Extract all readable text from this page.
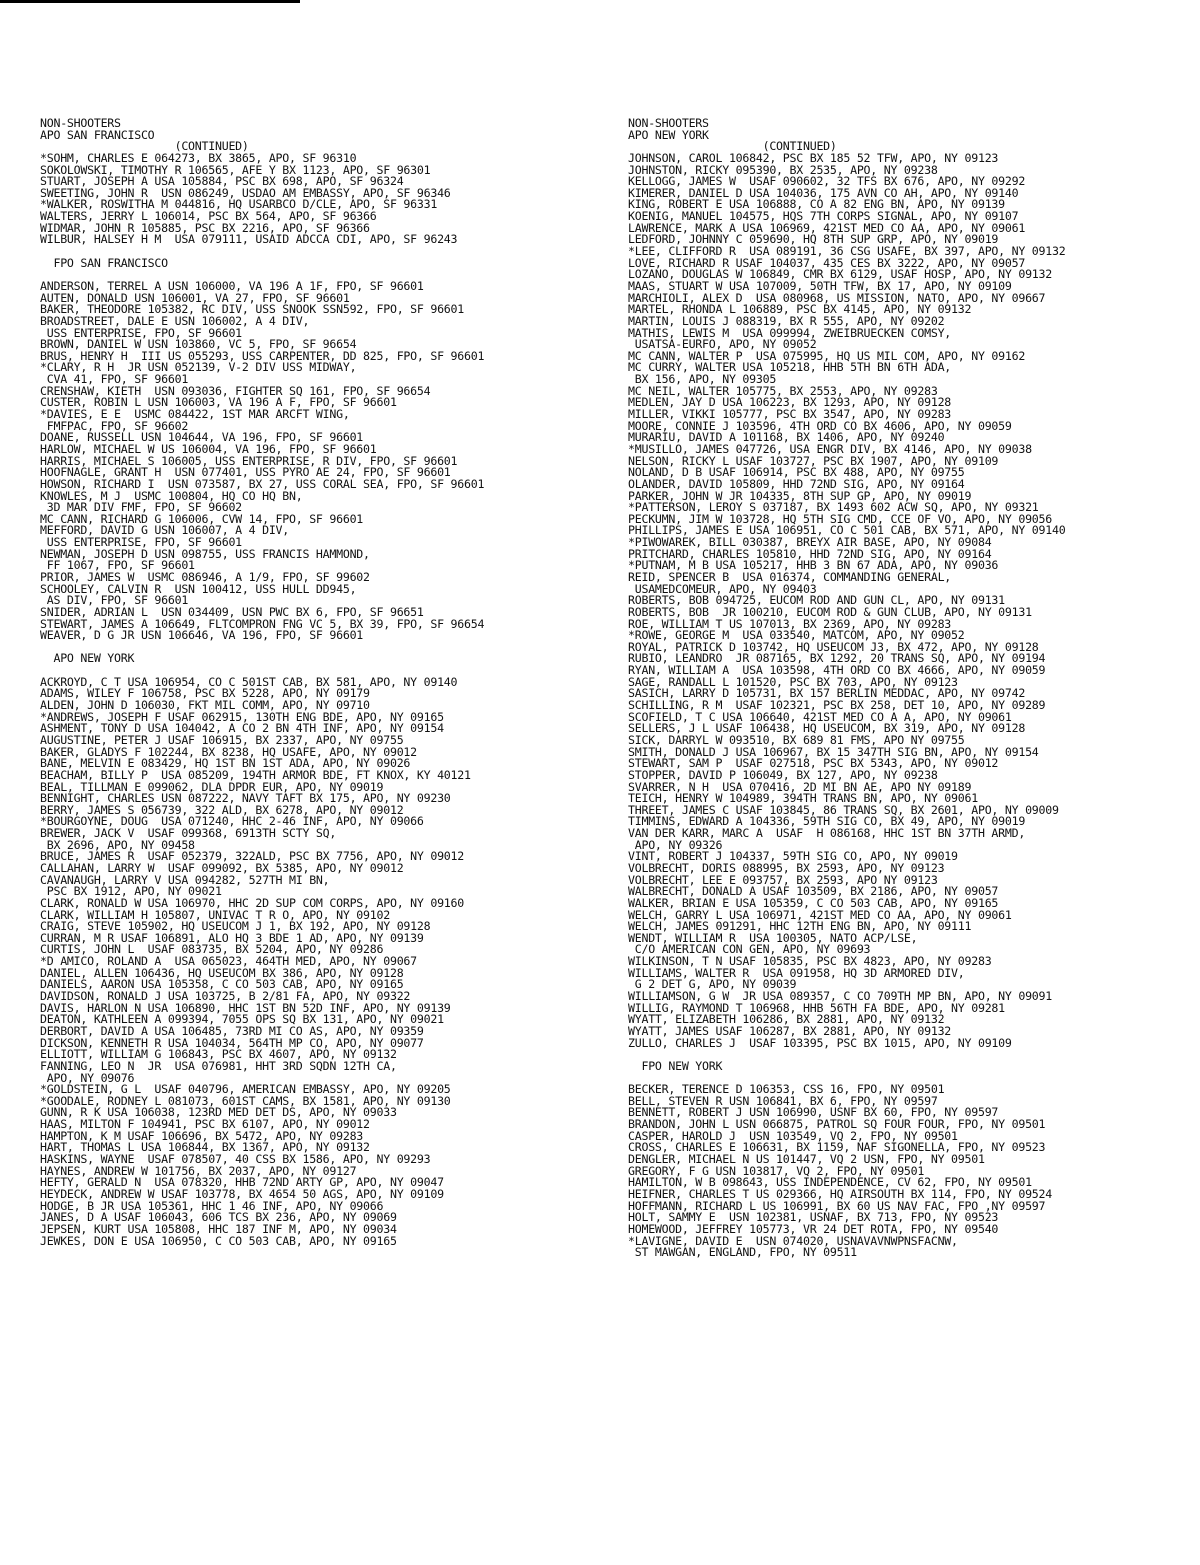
NON-SHOOTERS
APO SAN FRANCISCO
(CONTINUED)
*SOHM, CHARLES E 064273, BX 3865, APO, SF 96310
SOKOLOWSKI, TIMOTHY R 106565, AFE Y BX 1123, APO, SF 96301
STUART, JOSEPH A USA 105884, PSC BX 698, APO, SF 96324
SWEETING, JOHN R  USN 086249, USDAO AM EMBASSY, APO, SF 96346
*WALKER, ROSWITHA M 044816, HQ USARBCO D/CLE, APO, SF 96331
WALTERS, JERRY L 106014, PSC BX 564, APO, SF 96366
WIDMAR, JOHN R 105885, PSC BX 2216, APO, SF 96366
WILBUR, HALSEY H M  USA 079111, USAID ADCCA CDI, APO, SF 96243
FPO SAN FRANCISCO
ANDERSON, TERREL A USN 106000, VA 196 A 1F, FPO, SF 96601
AUTEN, DONALD USN 106001, VA 27, FPO, SF 96601
BAKER, THEODORE 105382, RC DIV, USS SNOOK SSN592, FPO, SF 96601
BROADSTREET, DALE E USN 106002, A 4 DIV,
USS ENTERPRISE, FPO, SF 96601
BROWN, DANIEL W USN 103860, VC 5, FPO, SF 96654
BRUS, HENRY H  III US 055293, USS CARPENTER, DD 825, FPO, SF 96601
*CLARY, R H  JR USN 052139, V-2 DIV USS MIDWAY,
CVA 41, FPO, SF 96601
CRENSHAW, KIETH  USN 093036, FIGHTER SQ 161, FPO, SF 96654
CUSTER, ROBIN L USN 106003, VA 196 A F, FPO, SF 96601
*DAVIES, E E  USMC 084422, 1ST MAR ARCFT WING,
FMFPAC, FPO, SF 96602
DOANE, RUSSELL USN 104644, VA 196, FPO, SF 96601
HARLOW, MICHAEL W US 106004, VA 196, FPO, SF 96601
HARRIS, MICHAEL S 106005, USS ENTERPRISE, R DIV, FPO, SF 96601
HOOFNAGLE, GRANT H  USN 077401, USS PYRO AE 24, FPO, SF 96601
HOWSON, RICHARD I  USN 073587, BX 27, USS CORAL SEA, FPO, SF 96601
KNOWLES, M J  USMC 100804, HQ CO HQ BN,
3D MAR DIV FMF, FPO, SF 96602
MC CANN, RICHARD G 106006, CVW 14, FPO, SF 96601
MEFFORD, DAVID G USN 106007, A 4 DIV,
USS ENTERPRISE, FPO, SF 96601
NEWMAN, JOSEPH D USN 098755, USS FRANCIS HAMMOND,
FF 1067, FPO, SF 96601
PRIOR, JAMES W  USMC 086946, A 1/9, FPO, SF 99602
SCHOOLEY, CALVIN R  USN 100412, USS HULL DD945,
AS DIV, FPO, SF 96601
SNIDER, ADRIAN L  USN 034409, USN PWC BX 6, FPO, SF 96651
STEWART, JAMES A 106649, FLTCOMPRON FNG VC 5, BX 39, FPO, SF 96654
WEAVER, D G JR USN 106646, VA 196, FPO, SF 96601
APO NEW YORK
ACKROYD, C T USA 106954, CO C 501ST CAB, BX 581, APO, NY 09140
ADAMS, WILEY F 106758, PSC BX 5228, APO, NY 09179
ALDEN, JOHN D 106030, FKT MIL COMM, APO, NY 09710
*ANDREWS, JOSEPH F USAF 062915, 130TH ENG BDE, APO, NY 09165
ASHMENT, TONY D USA 104042, A CO 2 BN 4TH INF, APO, NY 09154
AUGUSTINE, PETER J USAF 106915, BX 2337, APO, NY 09755
BAKER, GLADYS F 102244, BX 8238, HQ USAFE, APO, NY 09012
BANE, MELVIN E 083429, HQ 1ST BN 1ST ADA, APO, NY 09026
BEACHAM, BILLY P  USA 085209, 194TH ARMOR BDE, FT KNOX, KY 40121
BEAL, TILLMAN E 099062, DLA DPDR EUR, APO, NY 09019
BENNIGHT, CHARLES USN 087222, NAVY TAFT BX 175, APO, NY 09230
BERRY, JAMES S 056739, 322 ALD, BX 6278, APO, NY 09012
*BOURGOYNE, DOUG  USA 071240, HHC 2-46 INF, APO, NY 09066
BREWER, JACK V  USAF 099368, 6913TH SCTY SQ,
BX 2696, APO, NY 09458
BRUCE, JAMES R  USAF 052379, 322ALD, PSC BX 7756, APO, NY 09012
CALLAHAN, LARRY W  USAF 099092, BX 5385, APO, NY 09012
CAVANAUGH, LARRY V USA 094282, 527TH MI BN,
PSC BX 1912, APO, NY 09021
CLARK, RONALD W USA 106970, HHC 2D SUP COM CORPS, APO, NY 09160
CLARK, WILLIAM H 105807, UNIVAC T R O, APO, NY 09102
CRAIG, STEVE 105902, HQ USEUCOM J 1, BX 192, APO, NY 09128
CURRAN, M R USAF 106891, ALO HQ 3 BDE 1 AD, APO, NY 09139
CURTIS, JOHN L  USAF 083735, BX 5204, APO, NY 09286
*D AMICO, ROLAND A  USA 065023, 464TH MED, APO, NY 09067
DANIEL, ALLEN 106436, HQ USEUCOM BX 386, APO, NY 09128
DANIELS, AARON USA 105358, C CO 503 CAB, APO, NY 09165
DAVIDSON, RONALD J USA 103725, B 2/81 FA, APO, NY 09322
DAVIS, HARLON N USA 106890, HHC 1ST BN 52D INF, APO, NY 09139
DEATON, KATHLEEN A 099394, 7055 OPS SQ BX 131, APO, NY 09021
DERBORT, DAVID A USA 106485, 73RD MI CO AS, APO, NY 09359
DICKSON, KENNETH R USA 104034, 564TH MP CO, APO, NY 09077
ELLIOTT, WILLIAM G 106843, PSC BX 4607, APO, NY 09132
FANNING, LEO N  JR  USA 076981, HHT 3RD SQDN 12TH CA,
APO, NY 09076
*GOLDSTEIN, G L  USAF 040796, AMERICAN EMBASSY, APO, NY 09205
*GOODALE, RODNEY L 081073, 601ST CAMS, BX 1581, APO, NY 09130
GUNN, R K USA 106038, 123RD MED DET DS, APO, NY 09033
HAAS, MILTON F 104941, PSC BX 6107, APO, NY 09012
HAMPTON, K M USAF 106696, BX 5472, APO, NY 09283
HART, THOMAS L USA 106844, BX 1367, APO, NY 09132
HASKINS, WAYNE  USAF 078507, 40 CSS BX 1586, APO, NY 09293
HAYNES, ANDREW W 101756, BX 2037, APO, NY 09127
HEFTY, GERALD N  USA 078320, HHB 72ND ARTY GP, APO, NY 09047
HEYDECK, ANDREW W USAF 103778, BX 4654 50 AGS, APO, NY 09109
HODGE, B JR USA 105361, HHC 1 46 INF, APO, NY 09066
JANES, D A USAF 106043, 606 TCS BX 236, APO, NY 09069
JEPSEN, KURT USA 105808, HHC 187 INF M, APO, NY 09034
JEWKES, DON E USA 106950, C CO 503 CAB, APO, NY 09165
NON-SHOOTERS
APO NEW YORK
(CONTINUED)
JOHNSON, CAROL 106842, PSC BX 185 52 TFW, APO, NY 09123
JOHNSTON, RICKY 095390, BX 2535, APO, NY 09238
KELLOGG, JAMES W  USAF 090602, 32 TFS BX 676, APO, NY 09292
KIMERER, DANIEL D USA 104036, 175 AVN CO AH, APO, NY 09140
KING, ROBERT E USA 106888, CO A 82 ENG BN, APO, NY 09139
KOENIG, MANUEL 104575, HQS 7TH CORPS SIGNAL, APO, NY 09107
LAWRENCE, MARK A USA 106969, 421ST MED CO AA, APO, NY 09061
LEDFORD, JOHNNY C 059690, HQ 8TH SUP GRP, APO, NY 09019
*LEE, CLIFFORD R  USA 089191, 36 CSG USAFE, BX 397, APO, NY 09132
LOVE, RICHARD R USAF 104037, 435 CES BX 3222, APO, NY 09057
LOZANO, DOUGLAS W 106849, CMR BX 6129, USAF HOSP, APO, NY 09132
MAAS, STUART W USA 107009, 50TH TFW, BX 17, APO, NY 09109
MARCHIOLI, ALEX D  USA 080968, US MISSION, NATO, APO, NY 09667
MARTEL, RHONDA L 106889, PSC BX 4145, APO, NY 09132
MARTIN, LOUIS J 088319, BX R 555, APO, NY 09202
MATHIS, LEWIS M  USA 099994, ZWEIBRUECKEN COMSY,
USATSA-EURFO, APO, NY 09052
MC CANN, WALTER P  USA 075995, HQ US MIL COM, APO, NY 09162
MC CURRY, WALTER USA 105218, HHB 5TH BN 6TH ADA,
BX 156, APO, NY 09305
MC NEIL, WALTER 105775, BX 2553, APO, NY 09283
MEDLEN, JAY D USA 106223, BX 1293, APO, NY 09128
MILLER, VIKKI 105777, PSC BX 3547, APO, NY 09283
MOORE, CONNIE J 103596, 4TH ORD CO BX 4606, APO, NY 09059
MURARIU, DAVID A 101168, BX 1406, APO, NY 09240
*MUSILLO, JAMES 047726, USA ENGR DIV, BX 4146, APO, NY 09038
NELSON, RICKY L USAF 103727, PSC BX 1907, APO, NY 09109
NOLAND, D B USAF 106914, PSC BX 488, APO, NY 09755
OLANDER, DAVID 105809, HHD 72ND SIG, APO, NY 09164
PARKER, JOHN W JR 104335, 8TH SUP GP, APO, NY 09019
*PATTERSON, LEROY S 037187, BX 1493 602 ACW SQ, APO, NY 09321
PECKUMN, JIM W 103728, HQ 5TH SIG CMD, CCE OF VO, APO, NY 09056
PHILLIPS, JAMES E USA 106951, CO C 501 CAB, BX 571, APO, NY 09140
*PIWOWAREK, BILL 030387, BREYX AIR BASE, APO, NY 09084
PRITCHARD, CHARLES 105810, HHD 72ND SIG, APO, NY 09164
*PUTNAM, M B USA 105217, HHB 3 BN 67 ADA, APO, NY 09036
REID, SPENCER B  USA 016374, COMMANDING GENERAL,
USAMEDCOMEUR, APO, NY 09403
ROBERTS, BOB 094725, EUCOM ROD AND GUN CL, APO, NY 09131
ROBERTS, BOB  JR 100210, EUCOM ROD & GUN CLUB, APO, NY 09131
ROE, WILLIAM T US 107013, BX 2369, APO, NY 09283
*ROWE, GEORGE M  USA 033540, MATCOM, APO, NY 09052
ROYAL, PATRICK D 103742, HQ USEUCOM J3, BX 472, APO, NY 09128
RUBIO, LEANDRO  JR 087165, BX 1292, 20 TRANS SQ, APO, NY 09194
RYAN, WILLIAM A  USA 103598, 4TH ORD CO BX 4666, APO, NY 09059
SAGE, RANDALL L 101520, PSC BX 703, APO, NY 09123
SASICH, LARRY D 105731, BX 157 BERLIN MEDDAC, APO, NY 09742
SCHILLING, R M  USAF 102321, PSC BX 258, DET 10, APO, NY 09289
SCOFIELD, T C USA 106640, 421ST MED CO A A, APO, NY 09061
SELLERS, J L USAF 106438, HQ USEUCOM, BX 319, APO, NY 09128
SICK, DARRYL W 093510, BX 689 81 FMS, APO NY 09755
SMITH, DONALD J USA 106967, BX 15 347TH SIG BN, APO, NY 09154
STEWART, SAM P  USAF 027518, PSC BX 5343, APO, NY 09012
STOPPER, DAVID P 106049, BX 127, APO, NY 09238
SVARRER, N H  USA 070416, 2D MI BN AE, APO NY 09189
TEICH, HENRY W 104989, 394TH TRANS BN, APO, NY 09061
THREET, JAMES C USAF 103845, 86 TRANS SQ, BX 2601, APO, NY 09009
TIMMINS, EDWARD A 104336, 59TH SIG CO, BX 49, APO, NY 09019
VAN DER KARR, MARC A  USAF  H 086168, HHC 1ST BN 37TH ARMD,
APO, NY 09326
VINT, ROBERT J 104337, 59TH SIG CO, APO, NY 09019
VOLBRECHT, DORIS 088995, BX 2593, APO, NY 09123
VOLBRECHT, LEE E 093757, BX 2593, APO NY 09123
WALBRECHT, DONALD A USAF 103509, BX 2186, APO, NY 09057
WALKER, BRIAN E USA 105359, C CO 503 CAB, APO, NY 09165
WELCH, GARRY L USA 106971, 421ST MED CO AA, APO, NY 09061
WELCH, JAMES 091291, HHC 12TH ENG BN, APO, NY 09111
WENDT, WILLIAM R  USA 100305, NATO ACP/LSE,
C/O AMERICAN CON GEN, APO, NY 09693
WILKINSON, T N USAF 105835, PSC BX 4823, APO, NY 09283
WILLIAMS, WALTER R  USA 091958, HQ 3D ARMORED DIV,
G 2 DET G, APO, NY 09039
WILLIAMSON, G W  JR USA 089357, C CO 709TH MP BN, APO, NY 09091
WILLIG, RAYMOND T 106968, HHB 56TH FA BDE, APO, NY 09281
WYATT, ELIZABETH 106286, BX 2881, APO, NY 09132
WYATT, JAMES USAF 106287, BX 2881, APO, NY 09132
ZULLO, CHARLES J  USAF 103395, PSC BX 1015, APO, NY 09109
FPO NEW YORK
BECKER, TERENCE D 106353, CSS 16, FPO, NY 09501
BELL, STEVEN R USN 106841, BX 6, FPO, NY 09597
BENNETT, ROBERT J USN 106990, USNF BX 60, FPO, NY 09597
BRANDON, JOHN L USN 066875, PATROL SQ FOUR FOUR, FPO, NY 09501
CASPER, HAROLD J  USN 103549, VQ 2, FPO, NY 09501
CROSS, CHARLES E 106631, BX 1159, NAF SIGONELLA, FPO, NY 09523
DENGLER, MICHAEL N US 101447, VQ 2 USN, FPO, NY 09501
GREGORY, F G USN 103817, VQ 2, FPO, NY 09501
HAMILTON, W B 098643, USS INDEPENDENCE, CV 62, FPO, NY 09501
HEIFNER, CHARLES T US 029366, HQ AIRSOUTH BX 114, FPO, NY 09524
HOFFMANN, RICHARD L US 106991, BX 60 US NAV FAC, FPO ,NY 09597
HOLT, SAMMY E  USN 102381, USNAF, BX 713, FPO, NY 09523
HOMEWOOD, JEFFREY 105773, VR 24 DET ROTA, FPO, NY 09540
*LAVIGNE, DAVID E  USN 074020, USNAVAVNWPNSFACNW,
ST MAWGAN, ENGLAND, FPO, NY 09511
